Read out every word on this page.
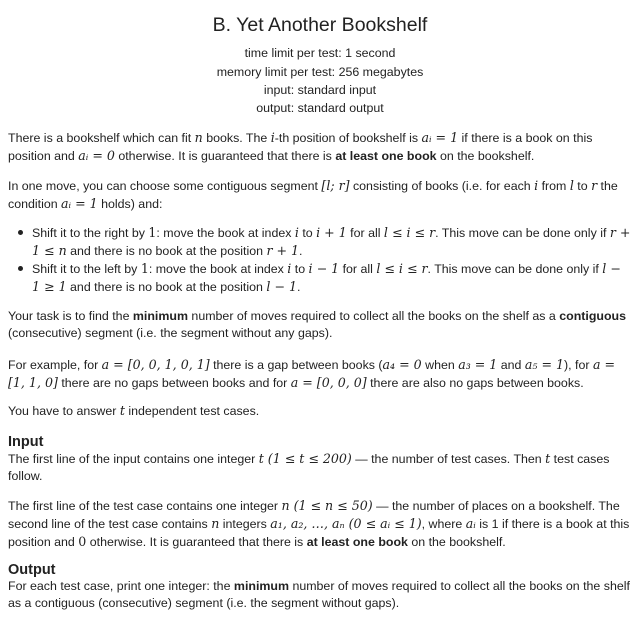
B. Yet Another Bookshelf
time limit per test: 1 second
memory limit per test: 256 megabytes
input: standard input
output: standard output
There is a bookshelf which can fit n books. The i-th position of bookshelf is aᵢ = 1 if there is a book on this position and aᵢ = 0 otherwise. It is guaranteed that there is at least one book on the bookshelf.
In one move, you can choose some contiguous segment [l; r] consisting of books (i.e. for each i from l to r the condition aᵢ = 1 holds) and:
Shift it to the right by 1: move the book at index i to i + 1 for all l ≤ i ≤ r. This move can be done only if r + 1 ≤ n and there is no book at the position r + 1.
Shift it to the left by 1: move the book at index i to i − 1 for all l ≤ i ≤ r. This move can be done only if l − 1 ≥ 1 and there is no book at the position l − 1.
Your task is to find the minimum number of moves required to collect all the books on the shelf as a contiguous (consecutive) segment (i.e. the segment without any gaps).
For example, for a = [0, 0, 1, 0, 1] there is a gap between books (a₄ = 0 when a₃ = 1 and a₅ = 1), for a = [1, 1, 0] there are no gaps between books and for a = [0, 0, 0] there are also no gaps between books.
You have to answer t independent test cases.
Input
The first line of the input contains one integer t (1 ≤ t ≤ 200) — the number of test cases. Then t test cases follow.
The first line of the test case contains one integer n (1 ≤ n ≤ 50) — the number of places on a bookshelf. The second line of the test case contains n integers a₁, a₂, …, aₙ (0 ≤ aᵢ ≤ 1), where aᵢ is 1 if there is a book at this position and 0 otherwise. It is guaranteed that there is at least one book on the bookshelf.
Output
For each test case, print one integer: the minimum number of moves required to collect all the books on the shelf as a contiguous (consecutive) segment (i.e. the segment without gaps).
